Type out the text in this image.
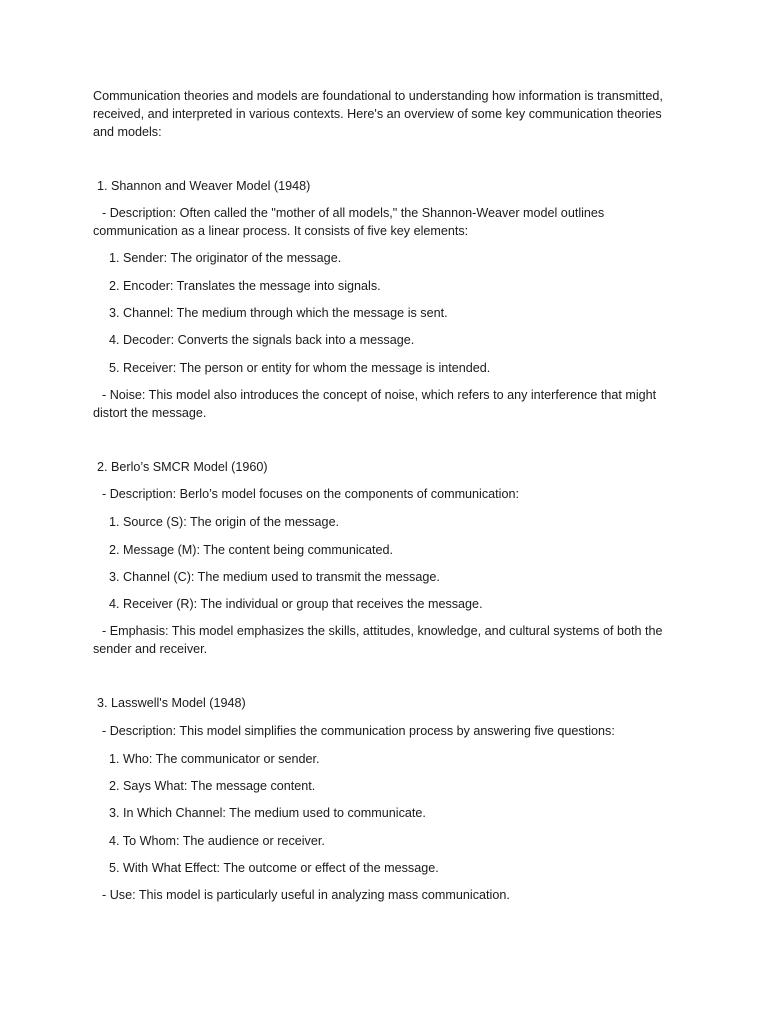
Communication theories and models are foundational to understanding how information is transmitted, received, and interpreted in various contexts. Here's an overview of some key communication theories and models:
1. Shannon and Weaver Model (1948)
- Description: Often called the "mother of all models," the Shannon-Weaver model outlines communication as a linear process. It consists of five key elements:
1. Sender: The originator of the message.
2. Encoder: Translates the message into signals.
3. Channel: The medium through which the message is sent.
4. Decoder: Converts the signals back into a message.
5. Receiver: The person or entity for whom the message is intended.
- Noise: This model also introduces the concept of noise, which refers to any interference that might distort the message.
2. Berlo’s SMCR Model (1960)
- Description: Berlo’s model focuses on the components of communication:
1. Source (S): The origin of the message.
2. Message (M): The content being communicated.
3. Channel (C): The medium used to transmit the message.
4. Receiver (R): The individual or group that receives the message.
- Emphasis: This model emphasizes the skills, attitudes, knowledge, and cultural systems of both the sender and receiver.
3. Lasswell's Model (1948)
- Description: This model simplifies the communication process by answering five questions:
1. Who: The communicator or sender.
2. Says What: The message content.
3. In Which Channel: The medium used to communicate.
4. To Whom: The audience or receiver.
5. With What Effect: The outcome or effect of the message.
- Use: This model is particularly useful in analyzing mass communication.
